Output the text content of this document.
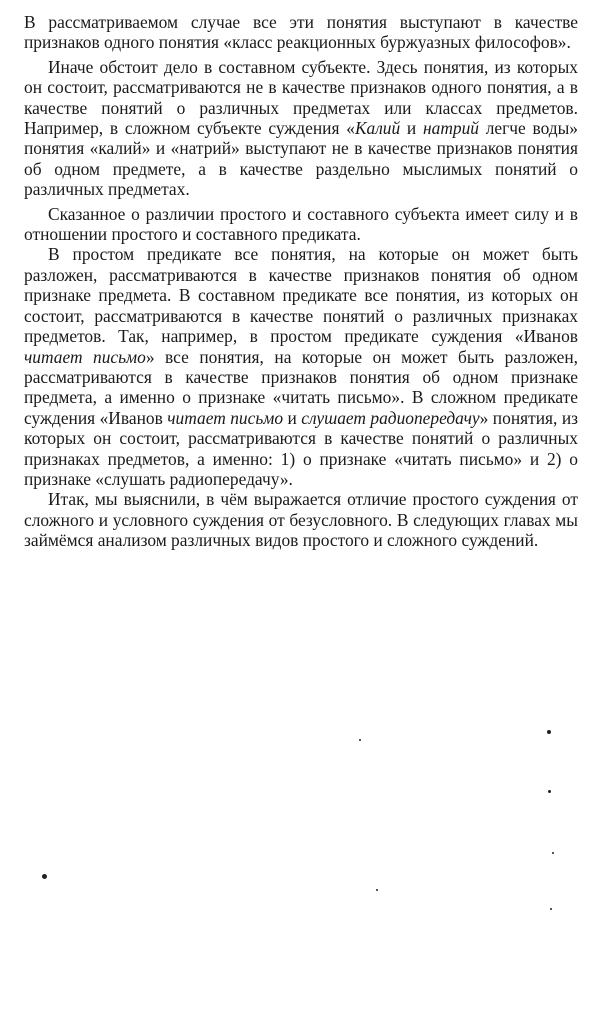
В рассматриваемом случае все эти понятия выступают в качестве признаков одного понятия «класс реакционных буржуазных философов».

Иначе обстоит дело в составном субъекте. Здесь понятия, из которых он состоит, рассматриваются не в качестве признаков одного понятия, а в качестве понятий о различных предметах или классах предметов. Например, в сложном субъекте суждения «Калий и натрий легче воды» понятия «калий» и «натрий» выступают не в качестве признаков понятия об одном предмете, а в качестве раздельно мыслимых понятий о различных предметах.

Сказанное о различии простого и составного субъекта имеет силу и в отношении простого и составного предиката.

В простом предикате все понятия, на которые он может быть разложен, рассматриваются в качестве признаков понятия об одном признаке предмета. В составном предикате все понятия, из которых он состоит, рассматриваются в качестве понятий о различных признаках предметов. Так, например, в простом предикате суждения «Иванов читает письмо» все понятия, на которые он может быть разложен, рассматриваются в качестве признаков понятия об одном признаке предмета, а именно о признаке «читать письмо». В сложном предикате суждения «Иванов читает письмо и слушает радиопередачу» понятия, из которых он состоит, рассматриваются в качестве понятий о различных признаках предметов, а именно: 1) о признаке «читать письмо» и 2) о признаке «слушать радиопередачу».

Итак, мы выяснили, в чём выражается отличие простого суждения от сложного и условного суждения от безусловного. В следующих главах мы займёмся анализом различных видов простого и сложного суждений.
